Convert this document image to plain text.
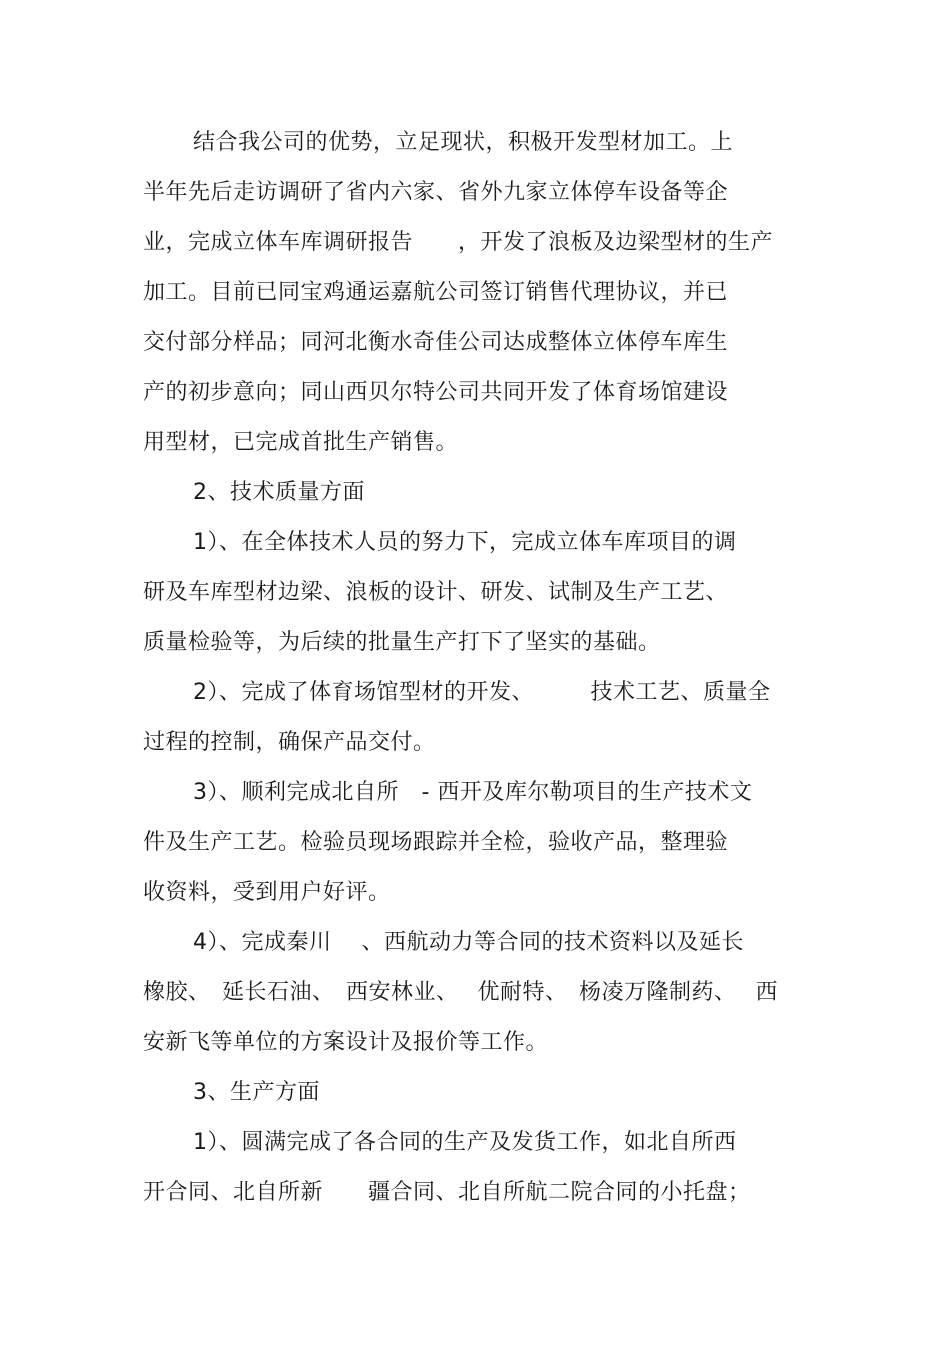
结合我公司的优势，立足现状，积极开发型材加工。上
半年先后走访调研了省内六家、省外九家立体停车设备等企
业，完成立体车库调研报告　　，开发了浪板及边梁型材的生产
加工。目前已同宝鸡通运嘉航公司签订销售代理协议，并已
交付部分样品；同河北衡水奇佳公司达成整体立体停车库生
产的初步意向；同山西贝尔特公司共同开发了体育场馆建设
用型材，已完成首批生产销售。
2、技术质量方面
1）、在全体技术人员的努力下，完成立体车库项目的调
研及车库型材边梁、浪板的设计、研发、试制及生产工艺、
质量检验等，为后续的批量生产打下了坚实的基础。
2）、完成了体育场馆型材的开发、　　　技术工艺、质量全
过程的控制，确保产品交付。
3）、顺利完成北自所　- 西开及库尔勒项目的生产技术文
件及生产工艺。检验员现场跟踪并全检，验收产品，整理验
收资料，受到用户好评。
4）、完成秦川　 、西航动力等合同的技术资料以及延长
橡胶、　延长石油、　西安林业、　 优耐特、　杨凌万隆制药、　 西
安新飞等单位的方案设计及报价等工作。
3、生产方面
1）、圆满完成了各合同的生产及发货工作，如北自所西
开合同、北自所新　　疆合同、北自所航二院合同的小托盘；
